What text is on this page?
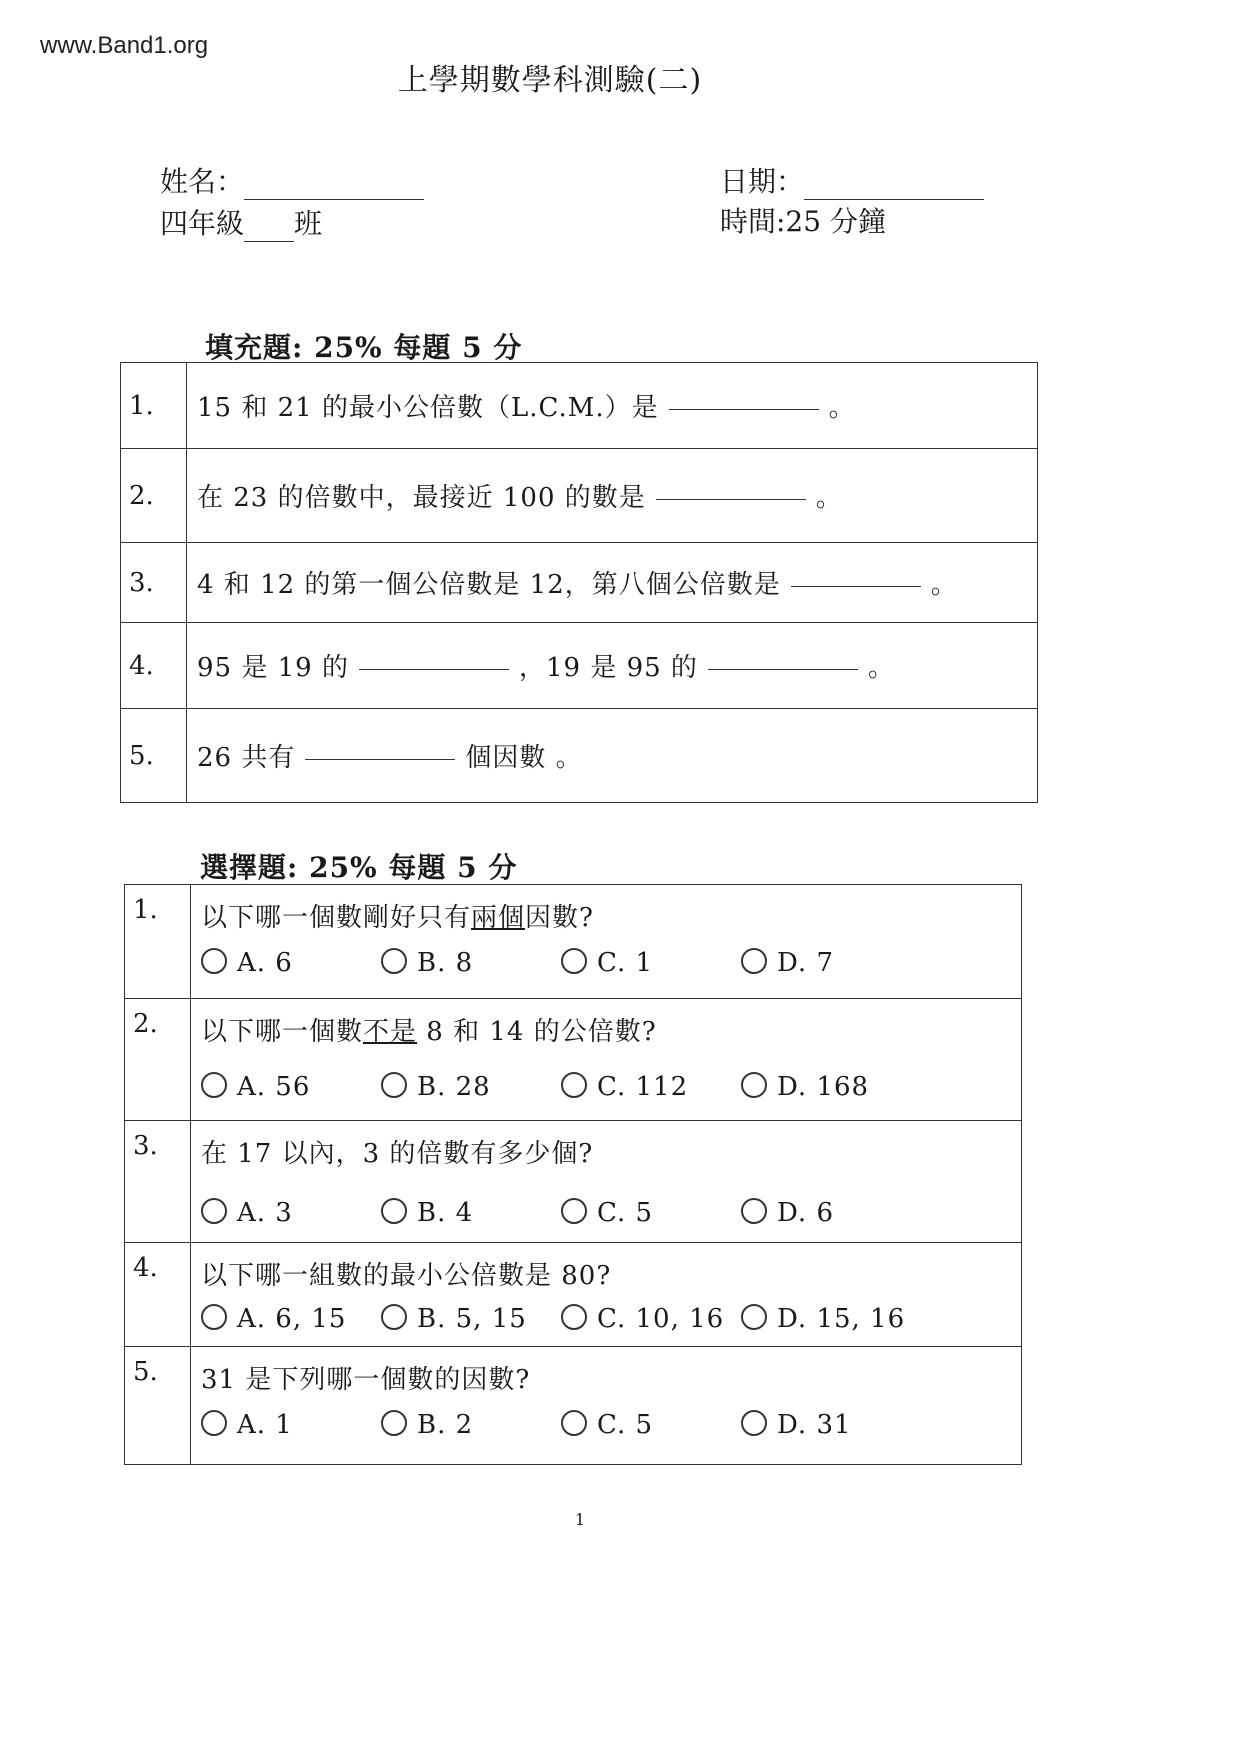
www.Band1.org
上學期數學科測驗(二)
姓名：
四年級 班
日期：
時間:25 分鐘
填充題: 25% 每題 5 分
1.	15 和 21 的最小公倍數（L.C.M.）是 。
2.	在 23 的倍數中，最接近 100 的數是 。
3.	4 和 12 的第一個公倍數是 12，第八個公倍數是 。
4.	95 是 19 的 ，19 是 95 的 。
5.	26 共有 個因數 。
選擇題: 25% 每題 5 分
1.	以下哪一個數剛好只有兩個因數?
A. 6 B. 8 C. 1 D. 7

2.	以下哪一個數不是 8 和 14 的公倍數?
A. 56 B. 28 C. 112 D. 168

3.	在 17 以內，3 的倍數有多少個?
A. 3 B. 4 C. 5 D. 6

4.	以下哪一組數的最小公倍數是 80?
A. 6, 15 B. 5, 15 C. 10, 16 D. 15, 16

5.	31 是下列哪一個數的因數?
A. 1 B. 2 C. 5 D. 31
1
